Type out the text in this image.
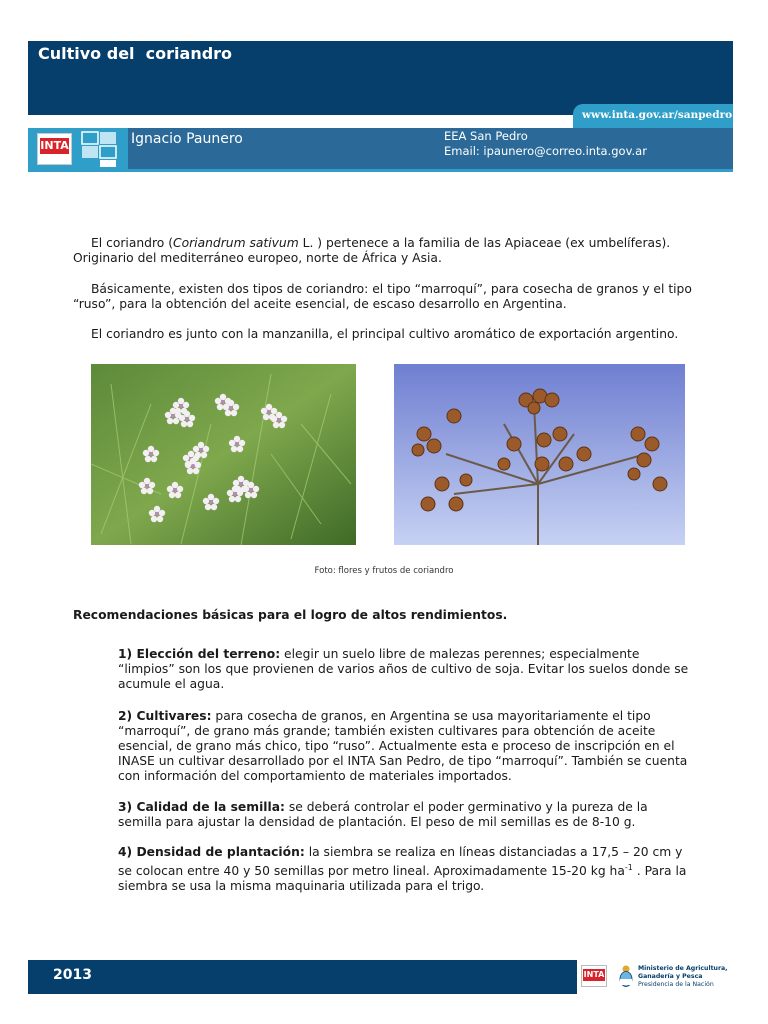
Cultivo del  coriandro
www.inta.gov.ar/sanpedro
INTA	Ignacio Paunero	EEA San Pedro
Email: ipaunero@correo.inta.gov.ar
El coriandro (Coriandrum sativum L. ) pertenece a la familia de las Apiaceae (ex umbelíferas). Originario del mediterráneo europeo, norte de África y Asia.
Básicamente, existen dos tipos de coriandro: el tipo “marroquí”, para cosecha de granos y el tipo “ruso”, para la obtención del aceite esencial, de escaso desarrollo en Argentina.
El coriandro es junto con la manzanilla, el principal cultivo aromático de exportación argentino.
Foto: flores y frutos de coriandro
Recomendaciones básicas para el logro de altos rendimientos.
1) Elección del terreno: elegir un suelo libre de malezas perennes; especialmente “limpios” son los que provienen de varios años de cultivo de soja. Evitar los suelos donde se acumule el agua.
2) Cultivares: para cosecha de granos, en Argentina se usa mayoritariamente el tipo “marroquí”, de grano más grande; también existen cultivares para obtención de aceite esencial, de grano más chico, tipo “ruso”. Actualmente esta e proceso de inscripción en el INASE un cultivar desarrollado por el INTA San Pedro, de tipo “marroquí”. También se cuenta con información del comportamiento de materiales importados.
3) Calidad de la semilla: se deberá controlar el poder germinativo y la pureza de la semilla para ajustar la densidad de plantación. El peso de mil semillas es de 8-10 g.
4) Densidad de plantación: la siembra se realiza en líneas distanciadas a 17,5 – 20 cm y se colocan entre 40 y 50 semillas por metro lineal. Aproximadamente 15-20 kg $ha^{-1}$ . Para la siembra se usa la misma maquinaria utilizada para el trigo.
2013	INTA
Ministerio de Agricultura,
Ganadería y Pesca
Presidencia de la Nación
